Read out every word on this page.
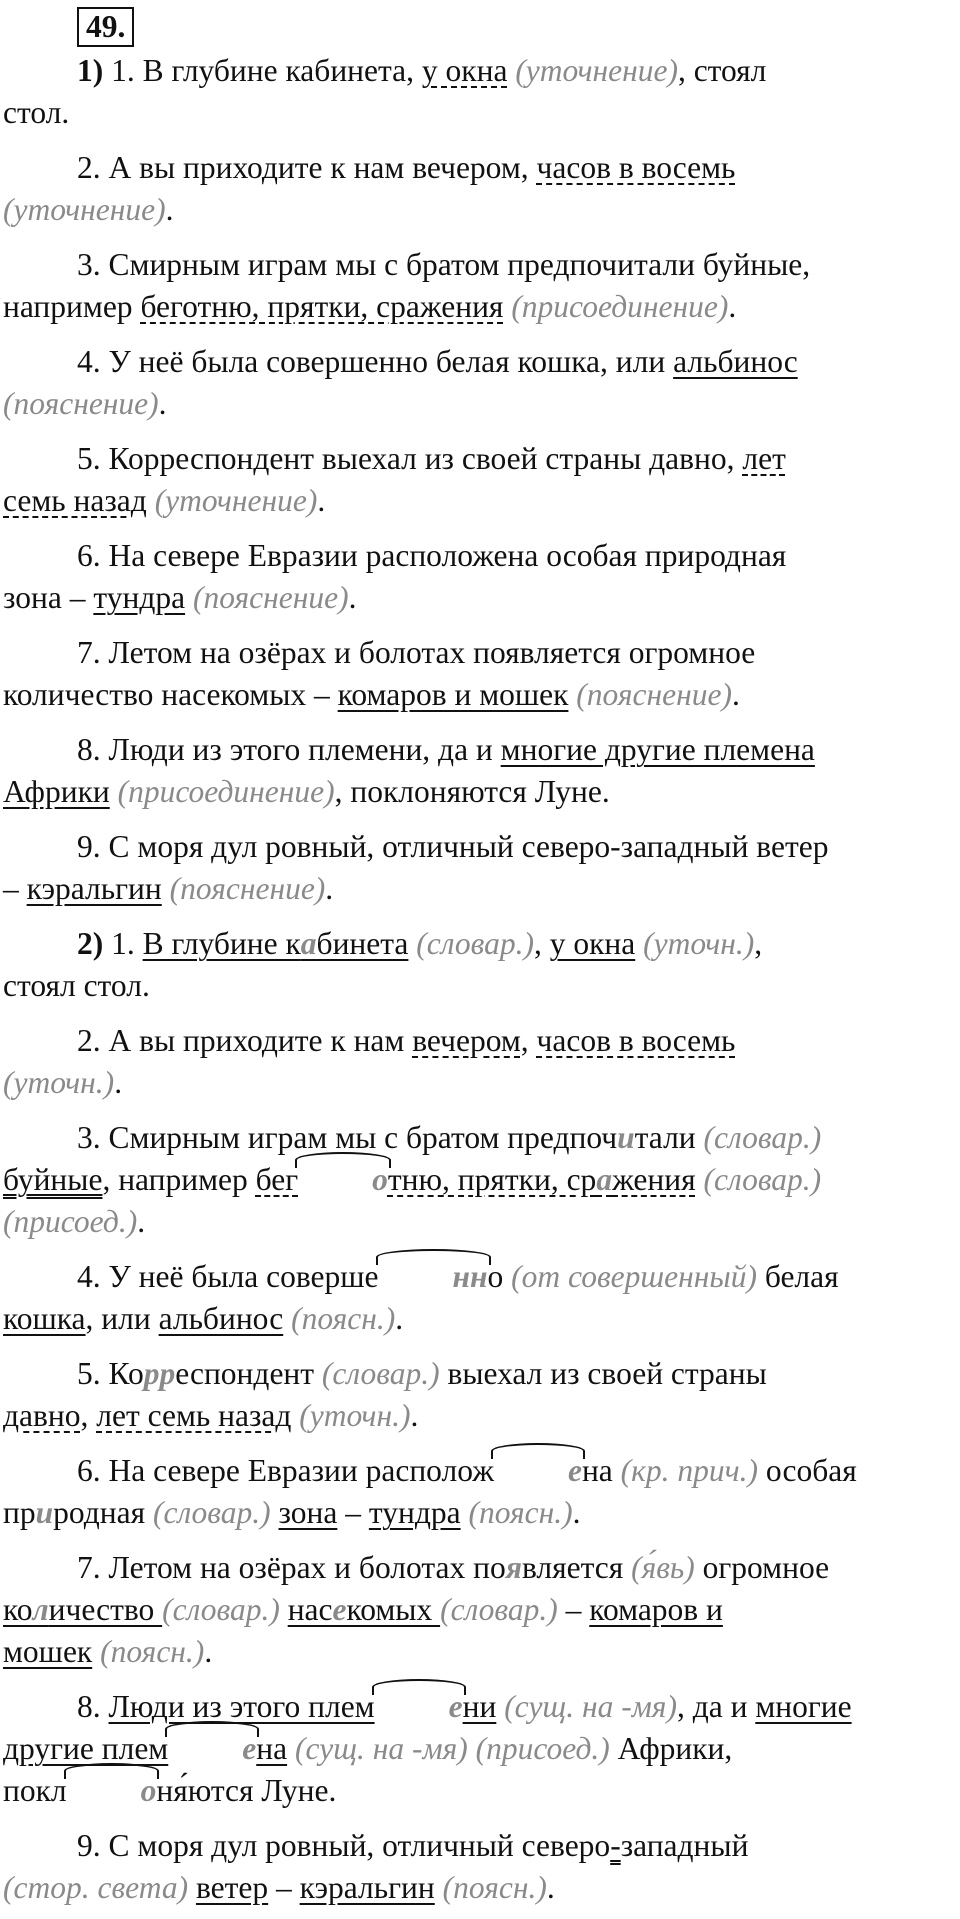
49.

1) 1. В глубине кабинета, у окна (уточнение), стоял
стол.

2. А вы приходите к нам вечером, часов в восемь
(уточнение).

3. Смирным играм мы с братом предпочитали буйные,
например беготню, прятки, сражения (присоединение).

4. У неё была совершенно белая кошка, или альбинос
(пояснение).

5. Корреспондент выехал из своей страны давно, лет
семь назад (уточнение).

6. На севере Евразии расположена особая природная
зона – тундра (пояснение).

7. Летом на озёрах и болотах появляется огромное
количество насекомых – комаров и мошек (пояснение).

8. Люди из этого племени, да и многие другие племена
Африки (присоединение), поклоняются Луне.

9. С моря дул ровный, отличный северо-западный ветер
– кэральгин (пояснение).

2) 1. В глубине кабинета (словар.), у окна (уточн.),
стоял стол.

2. А вы приходите к нам вечером, часов в восемь
(уточн.).

3. Смирным играм мы с братом предпочитали (словар.)
буйные, например бег отню, прятки, сражения (словар.)
(присоед.).

4. У неё была соверше нно (от совершенный) белая
кошка, или альбинос (поясн.).

5. Корреспондент (словар.) выехал из своей страны
давно, лет семь назад (уточн.).

6. На севере Евразии располож ена (кр. прич.) особая
природная (словар.) зона – тундра (поясн.).

7. Летом на озёрах и болотах появляется (я́вь) огромное
количество (словар.) насекомых (словар.) – комаров и
мошек (поясн.).

8. Люди из этого плем ени (сущ. на -мя), да и многие
другие плем ена (сущ. на -мя) (присоед.) Африки,
покл оня́ются Луне.

9. С моря дул ровный, отличный северо-западный
(стор. света) ветер – кэральгин (поясн.).
